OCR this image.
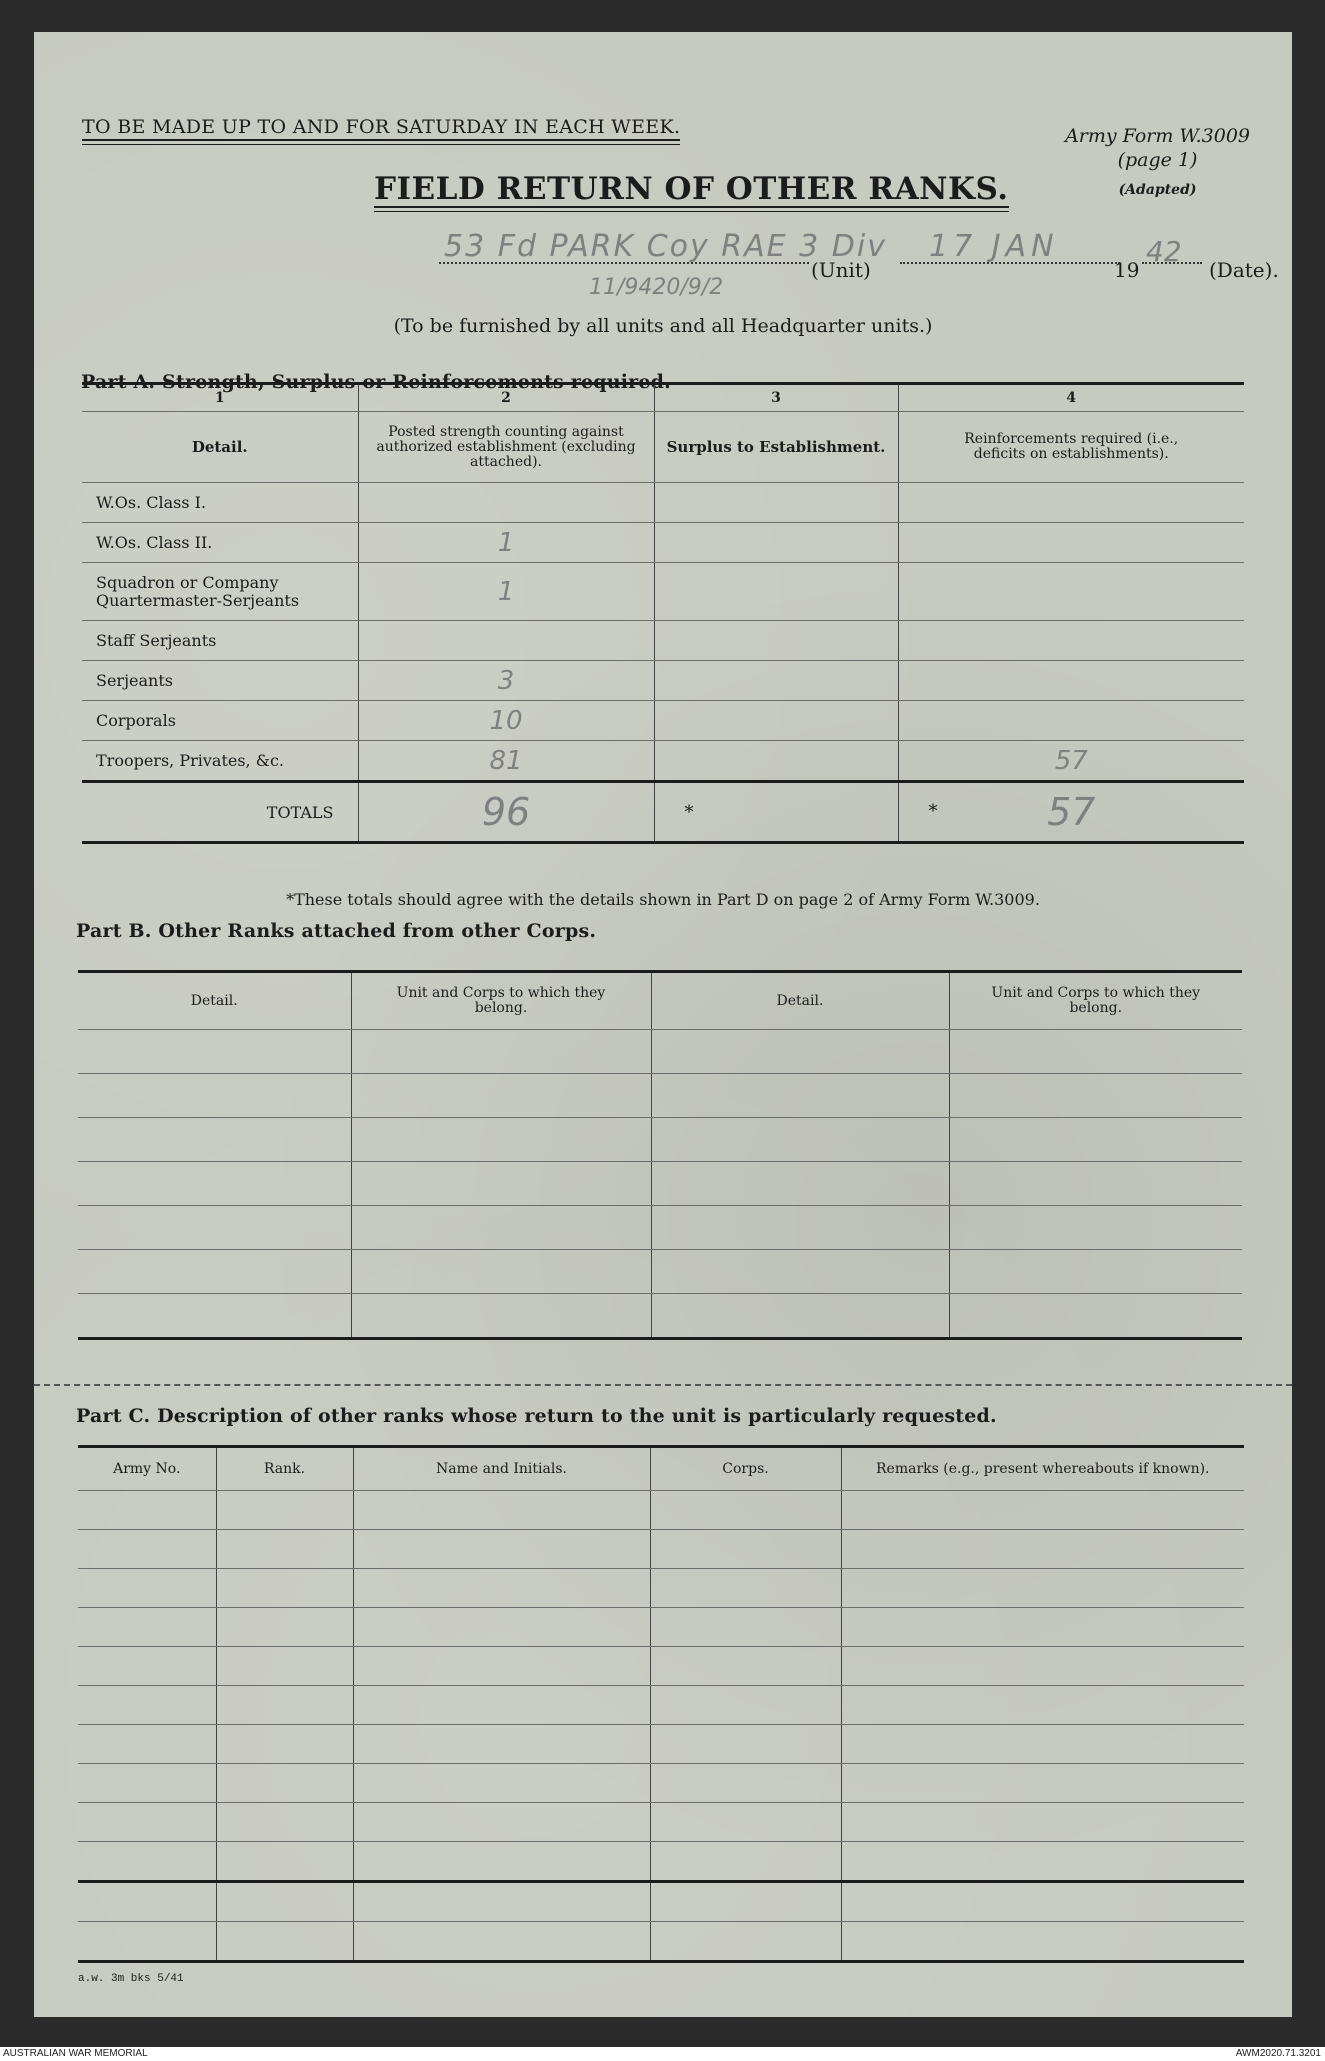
TO BE MADE UP TO AND FOR SATURDAY IN EACH WEEK.	Army Form W.3009
(page 1)
(Adapted)
FIELD RETURN OF OTHER RANKS.
53 Fd PARK Coy RAE 3 Div
11/9420/9/2
(Unit)
17 JAN
19
42
(Date).
(To be furnished by all units and all Headquarter units.)
Part A. Strength, Surplus or Reinforcements required.
1	2	3	4
Detail.	Posted strength counting against authorized establishment (excluding attached).	Surplus to Establishment.	Reinforcements required (i.e., deficits on establishments).

W.Os. Class I.			
W.Os. Class II.	1		

Squadron or Company Quartermaster-Serjeants	1		
Staff Serjeants			
Serjeants	3		
Corporals	10		
Troopers, Privates, &c.	81		57
TOTALS	96	*	* 57
*These totals should agree with the details shown in Part D on page 2 of Army Form W.3009.
Part B. Other Ranks attached from other Corps.
Detail.	Unit and Corps to which they belong.	Detail.	Unit and Corps to which they belong.

Part C. Description of other ranks whose return to the unit is particularly requested.
Army No.	Rank.	Name and Initials.	Corps.	Remarks (e.g., present whereabouts if known).

a.w. 3m bks 5/41
AUSTRALIAN WAR MEMORIAL	AWM2020.71.3201
